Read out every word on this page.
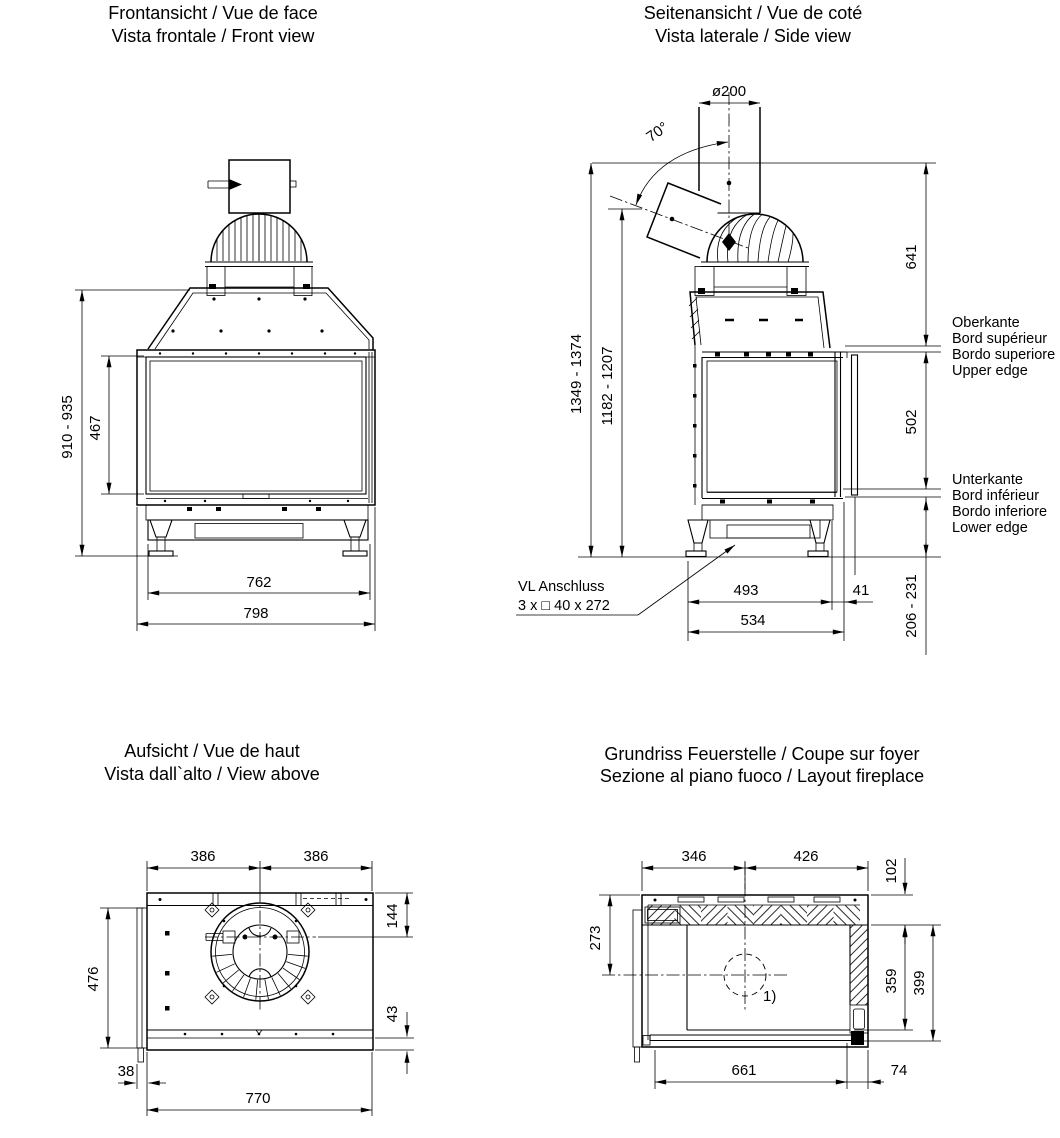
Frontansicht / Vue de face
Vista frontale / Front view
Seitenansicht / Vue de coté
Vista laterale / Side view
Aufsicht / Vue de haut
Vista dall`alto / View above
Grundriss Feuerstelle / Coupe sur foyer
Sezione al piano fuoco / Layout fireplace
910 - 935 467
762
798
70°
ø200
1349 - 1374 1182 - 1207
641
502
206 - 231
493	41
534
VL Anschluss
3 x □ 40 x 272
Oberkante
Bord supérieur
Bordo superiore
Upper edge
Unterkante
Bord inférieur
Bordo inferiore
Lower edge
386	386
144
476
43
38
770
1)
346	426
102
359 399
273
661	74
